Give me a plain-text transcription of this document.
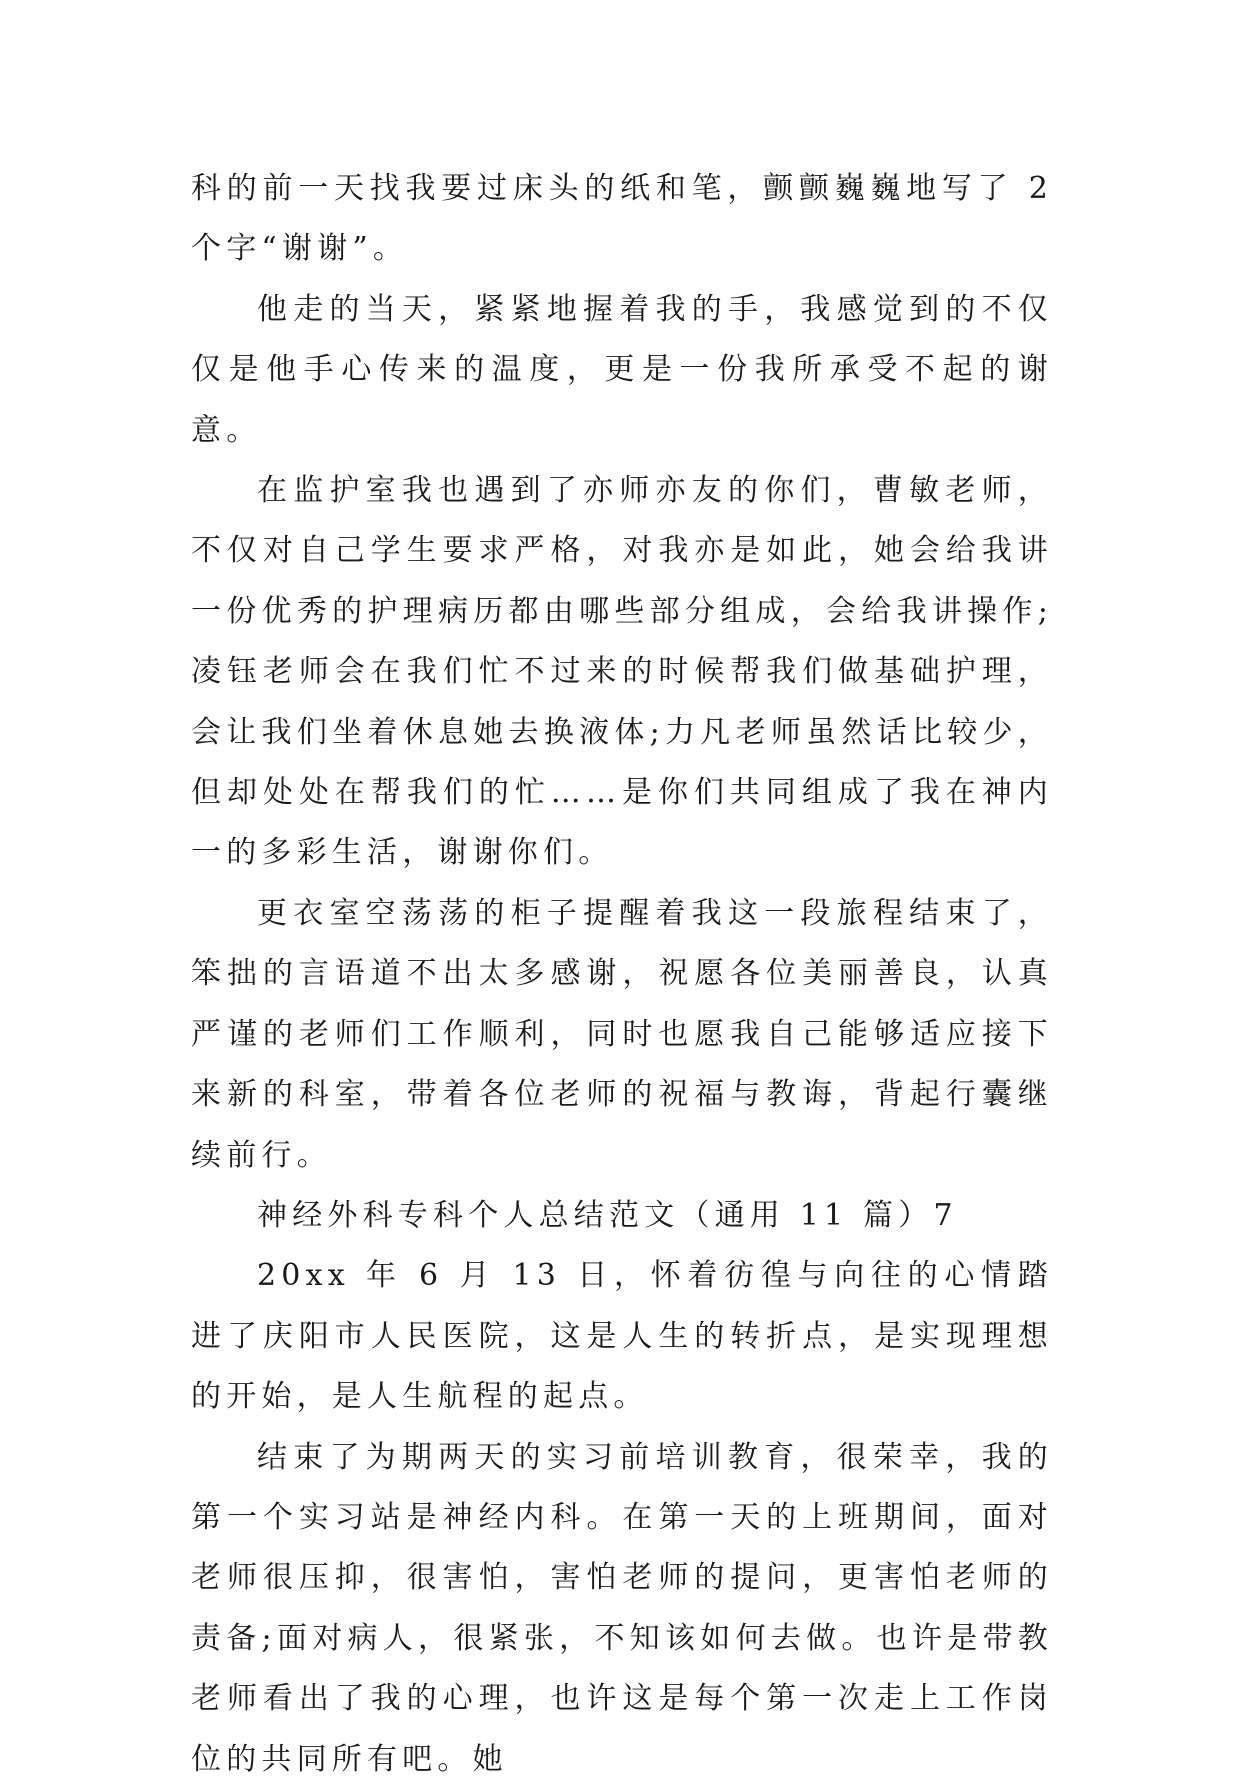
科的前一天找我要过床头的纸和笔，颤颤巍巍地写了 2 个字“谢谢”。

他走的当天，紧紧地握着我的手，我感觉到的不仅仅是他手心传来的温度，更是一份我所承受不起的谢意。

在监护室我也遇到了亦师亦友的你们，曹敏老师，不仅对自己学生要求严格，对我亦是如此，她会给我讲一份优秀的护理病历都由哪些部分组成，会给我讲操作;凌钰老师会在我们忙不过来的时候帮我们做基础护理，会让我们坐着休息她去换液体;力凡老师虽然话比较少，但却处处在帮我们的忙……是你们共同组成了我在神内一的多彩生活，谢谢你们。

更衣室空荡荡的柜子提醒着我这一段旅程结束了，笨拙的言语道不出太多感谢，祝愿各位美丽善良，认真严谨的老师们工作顺利，同时也愿我自己能够适应接下来新的科室，带着各位老师的祝福与教诲，背起行囊继续前行。

神经外科专科个人总结范文（通用 11 篇）7

20xx 年 6 月 13 日，怀着彷徨与向往的心情踏进了庆阳市人民医院，这是人生的转折点，是实现理想的开始，是人生航程的起点。

结束了为期两天的实习前培训教育，很荣幸，我的第一个实习站是神经内科。在第一天的上班期间，面对老师很压抑，很害怕，害怕老师的提问，更害怕老师的责备;面对病人，很紧张，不知该如何去做。也许是带教老师看出了我的心理，也许这是每个第一次走上工作岗位的共同所有吧。她
